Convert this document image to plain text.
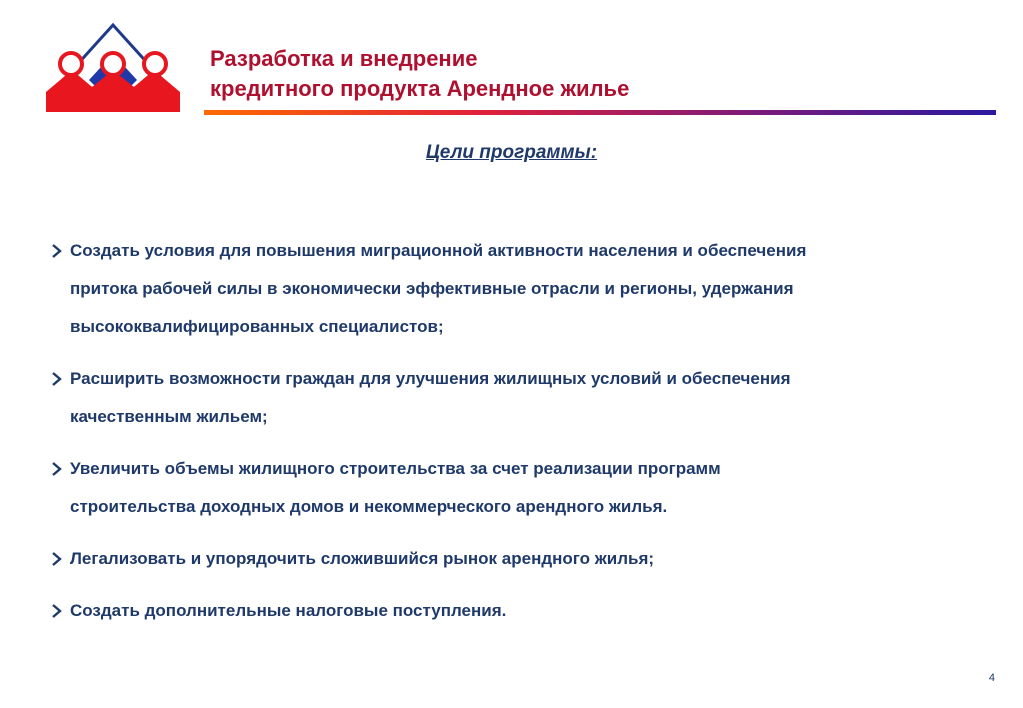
Разработка и внедрение
кредитного продукта Арендное жилье
Цели программы:
Создать условия для повышения миграционной активности населения и обеспечения
притока рабочей силы в экономически эффективные отрасли и регионы, удержания
высококвалифицированных специалистов;
Расширить возможности граждан для улучшения жилищных условий и обеспечения
качественным жильем;
Увеличить объемы жилищного строительства за счет реализации программ
строительства доходных домов и некоммерческого арендного жилья.
Легализовать и упорядочить сложившийся рынок арендного жилья;
Создать дополнительные налоговые поступления.
4
